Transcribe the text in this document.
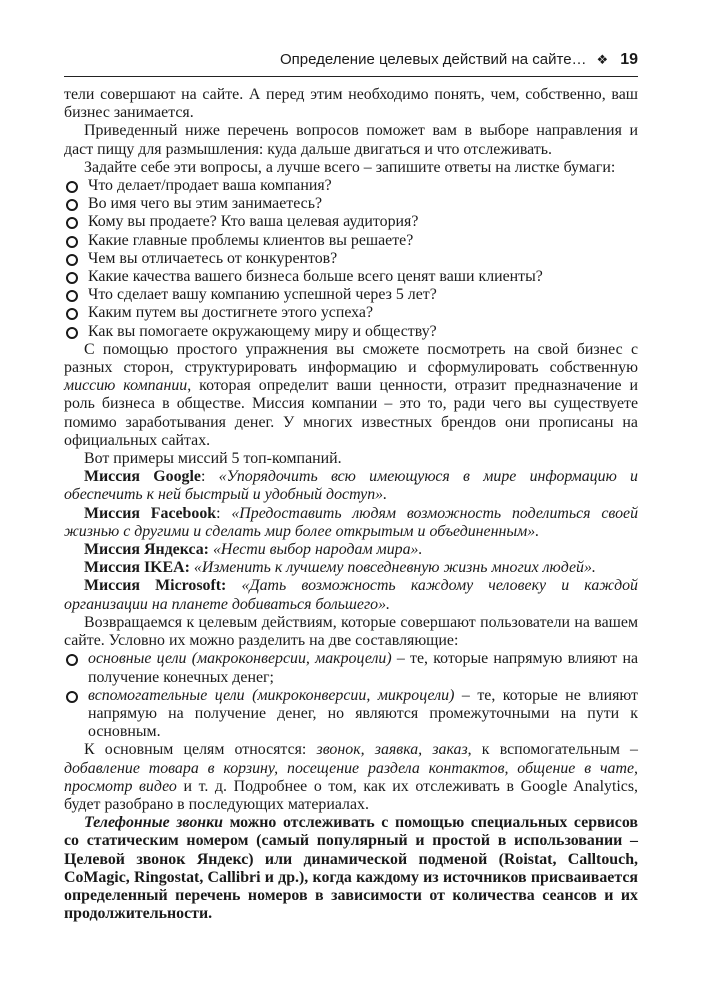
Определение целевых действий на сайте… ❖ 19

тели совершают на сайте. А перед этим необходимо понять, чем, собственно, ваш бизнес занимается.

Приведенный ниже перечень вопросов поможет вам в выборе направления и даст пищу для размышления: куда дальше двигаться и что отслеживать.

Задайте себе эти вопросы, а лучше всего – запишите ответы на листке бумаги:

Что делает/продает ваша компания?
Во имя чего вы этим занимаетесь?
Кому вы продаете? Кто ваша целевая аудитория?
Какие главные проблемы клиентов вы решаете?
Чем вы отличаетесь от конкурентов?
Какие качества вашего бизнеса больше всего ценят ваши клиенты?
Что сделает вашу компанию успешной через 5 лет?
Каким путем вы достигнете этого успеха?
Как вы помогаете окружающему миру и обществу?

С помощью простого упражнения вы сможете посмотреть на свой бизнес с разных сторон, структурировать информацию и сформулировать собственную миссию компании, которая определит ваши ценности, отразит предназначение и роль бизнеса в обществе. Миссия компании – это то, ради чего вы существуете помимо заработывания денег. У многих известных брендов они прописаны на официальных сайтах.

Вот примеры миссий 5 топ-компаний.

Миссия Google: «Упорядочить всю имеющуюся в мире информацию и обеспечить к ней быстрый и удобный доступ».

Миссия Facebook: «Предоставить людям возможность поделиться своей жизнью с другими и сделать мир более открытым и объединенным».

Миссия Яндекса: «Нести выбор народам мира».

Миссия IKEA: «Изменить к лучшему повседневную жизнь многих людей».

Миссия Microsoft: «Дать возможность каждому человеку и каждой организации на планете добиваться большего».

Возвращаемся к целевым действиям, которые совершают пользователи на вашем сайте. Условно их можно разделить на две составляющие:

основные цели (макроконверсии, макроцели) – те, которые напрямую влияют на получение конечных денег;
вспомогательные цели (микроконверсии, микроцели) – те, которые не влияют напрямую на получение денег, но являются промежуточными на пути к основным.

К основным целям относятся: звонок, заявка, заказ, к вспомогательным – добавление товара в корзину, посещение раздела контактов, общение в чате, просмотр видео и т. д. Подробнее о том, как их отслеживать в Google Analytics, будет разобрано в последующих материалах.

Телефонные звонки можно отслеживать с помощью специальных сервисов со статическим номером (самый популярный и простой в использовании – Целевой звонок Яндекс) или динамической подменой (Roistat, Calltouch, CoMagic, Ringostat, Callibri и др.), когда каждому из источников присваивается определенный перечень номеров в зависимости от количества сеансов и их продолжительности.
